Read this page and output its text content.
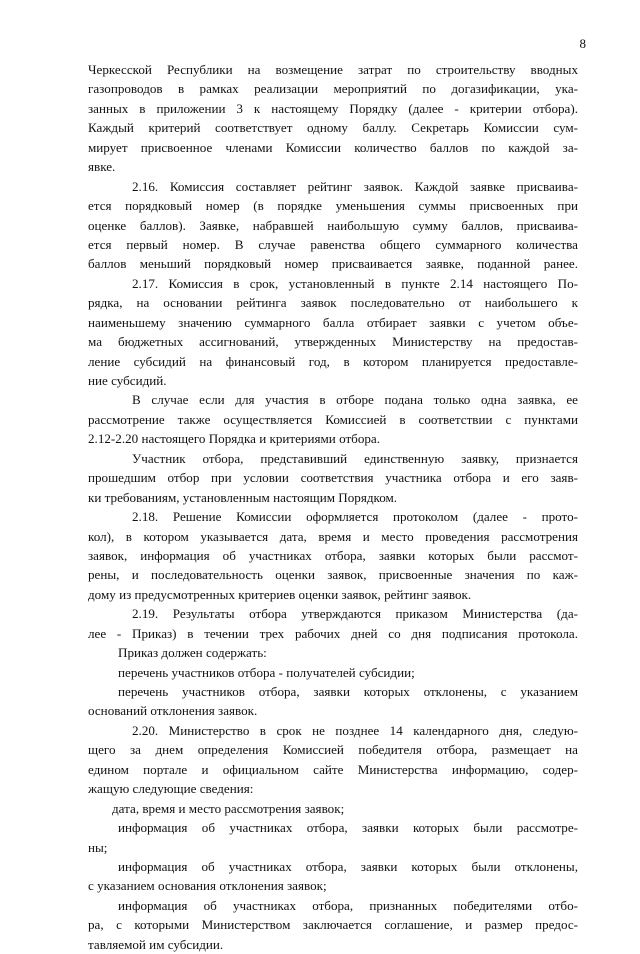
8
Черкесской Республики на возмещение затрат по строительству вводных
газопроводов в рамках реализации мероприятий по догазификации, ука-
занных в приложении 3 к настоящему Порядку (далее - критерии отбора).
Каждый критерий соответствует одному баллу. Секретарь Комиссии сум-
мирует присвоенное членами Комиссии количество баллов по каждой за-
явке.
2.16. Комиссия составляет рейтинг заявок. Каждой заявке присваива-
ется порядковый номер (в порядке уменьшения суммы присвоенных при
оценке баллов). Заявке, набравшей наибольшую сумму баллов, присваива-
ется первый номер. В случае равенства общего суммарного количества
баллов меньший порядковый номер присваивается заявке, поданной ранее.
2.17. Комиссия в срок, установленный в пункте 2.14 настоящего По-
рядка, на основании рейтинга заявок последовательно от наибольшего к
наименьшему значению суммарного балла отбирает заявки с учетом объе-
ма бюджетных ассигнований, утвержденных Министерству на предостав-
ление субсидий на финансовый год, в котором планируется предоставле-
ние субсидий.
В случае если для участия в отборе подана только одна заявка, ее
рассмотрение также осуществляется Комиссией в соответствии с пунктами
2.12-2.20 настоящего Порядка и критериями отбора.
Участник отбора, представивший единственную заявку, признается
прошедшим отбор при условии соответствия участника отбора и его заяв-
ки требованиям, установленным настоящим Порядком.
2.18. Решение Комиссии оформляется протоколом (далее - прото-
кол), в котором указывается дата, время и место проведения рассмотрения
заявок, информация об участниках отбора, заявки которых были рассмот-
рены, и последовательность оценки заявок, присвоенные значения по каж-
дому из предусмотренных критериев оценки заявок, рейтинг заявок.
2.19. Результаты отбора утверждаются приказом Министерства (да-
лее - Приказ) в течении трех рабочих дней со дня подписания протокола.
Приказ должен содержать:
перечень участников отбора - получателей субсидии;
перечень участников отбора, заявки которых отклонены, с указанием
оснований отклонения заявок.
2.20. Министерство в срок не позднее 14 календарного дня, следую-
щего за днем определения Комиссией победителя отбора, размещает на
едином портале и официальном сайте Министерства информацию, содер-
жащую следующие сведения:
дата, время и место рассмотрения заявок;
информация об участниках отбора, заявки которых были рассмотре-
ны;
информация об участниках отбора, заявки которых были отклонены,
с указанием основания отклонения заявок;
информация об участниках отбора, признанных победителями отбо-
ра, с которыми Министерством заключается соглашение, и размер предос-
тавляемой им субсидии.
